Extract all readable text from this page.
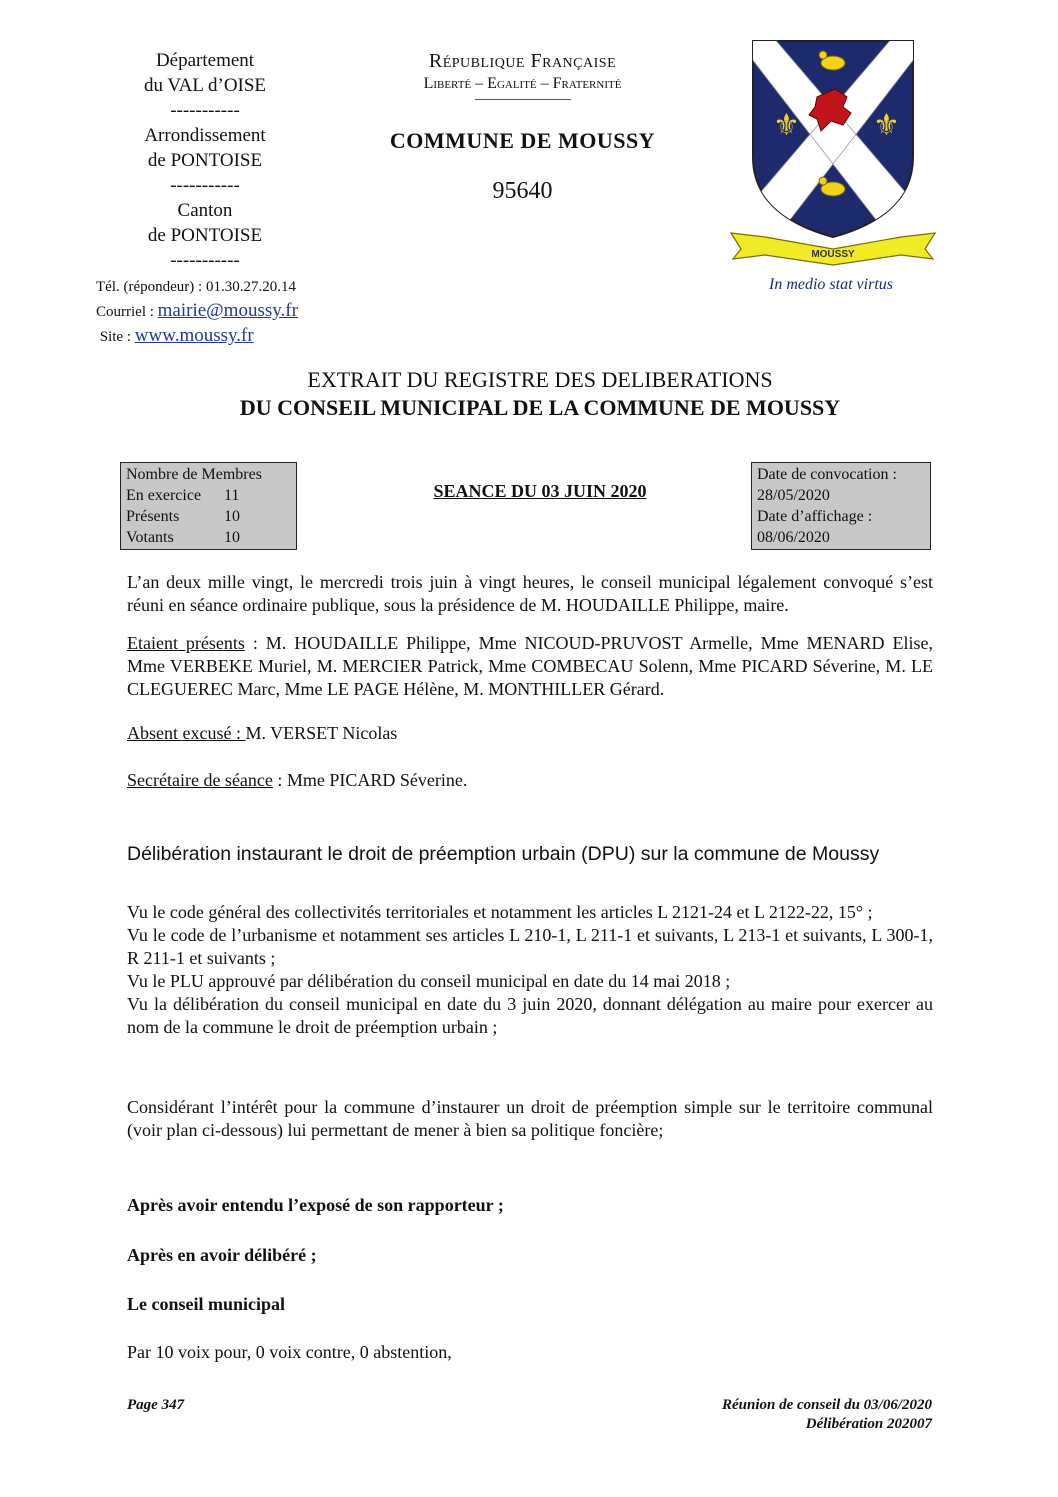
Département
du VAL d’OISE
-----------
Arrondissement
de PONTOISE
-----------
Canton
de PONTOISE
-----------
République Française
Liberté – Egalité – Fraternité
COMMUNE DE MOUSSY
95640
⚜ ⚜
MOUSSY
In medio stat virtus
Tél. (répondeur) : 01.30.27.20.14
Courriel : mairie@moussy.fr
Site : www.moussy.fr
EXTRAIT DU REGISTRE DES DELIBERATIONS
DU CONSEIL MUNICIPAL DE LA COMMUNE DE MOUSSY
Nombre de Membres
En exercice 11
Présents	10
Votants	10
SEANCE DU 03 JUIN 2020
Date de convocation :
28/05/2020
Date d’affichage :
08/06/2020
L’an deux mille vingt, le mercredi trois juin à vingt heures, le conseil municipal légalement convoqué s’est réuni en séance ordinaire publique, sous la présidence de M. HOUDAILLE Philippe, maire.
Etaient présents : M. HOUDAILLE Philippe, Mme NICOUD-PRUVOST Armelle, Mme MENARD Elise, Mme VERBEKE Muriel, M. MERCIER Patrick, Mme COMBECAU Solenn, Mme PICARD Séverine, M. LE CLEGUEREC Marc, Mme LE PAGE Hélène, M. MONTHILLER Gérard.
Absent excusé : M. VERSET Nicolas
Secrétaire de séance : Mme PICARD Séverine.
Délibération instaurant le droit de préemption urbain (DPU) sur la commune de Moussy
Vu le code général des collectivités territoriales et notamment les articles L 2121-24 et L 2122-22, 15° ;
Vu le code de l’urbanisme et notamment ses articles L 210-1, L 211-1 et suivants, L 213-1 et suivants, L 300-1, R 211-1 et suivants ;
Vu le PLU approuvé par délibération du conseil municipal en date du 14 mai 2018 ;
Vu la délibération du conseil municipal en date du 3 juin 2020, donnant délégation au maire pour exercer au nom de la commune le droit de préemption urbain ;
Considérant l’intérêt pour la commune d’instaurer un droit de préemption simple sur le territoire communal (voir plan ci-dessous) lui permettant de mener à bien sa politique foncière;
Après avoir entendu l’exposé de son rapporteur ;
Après en avoir délibéré ;
Le conseil municipal
Par 10 voix pour, 0 voix contre, 0 abstention,
Page 347	Réunion de conseil du 03/06/2020
Délibération 202007
